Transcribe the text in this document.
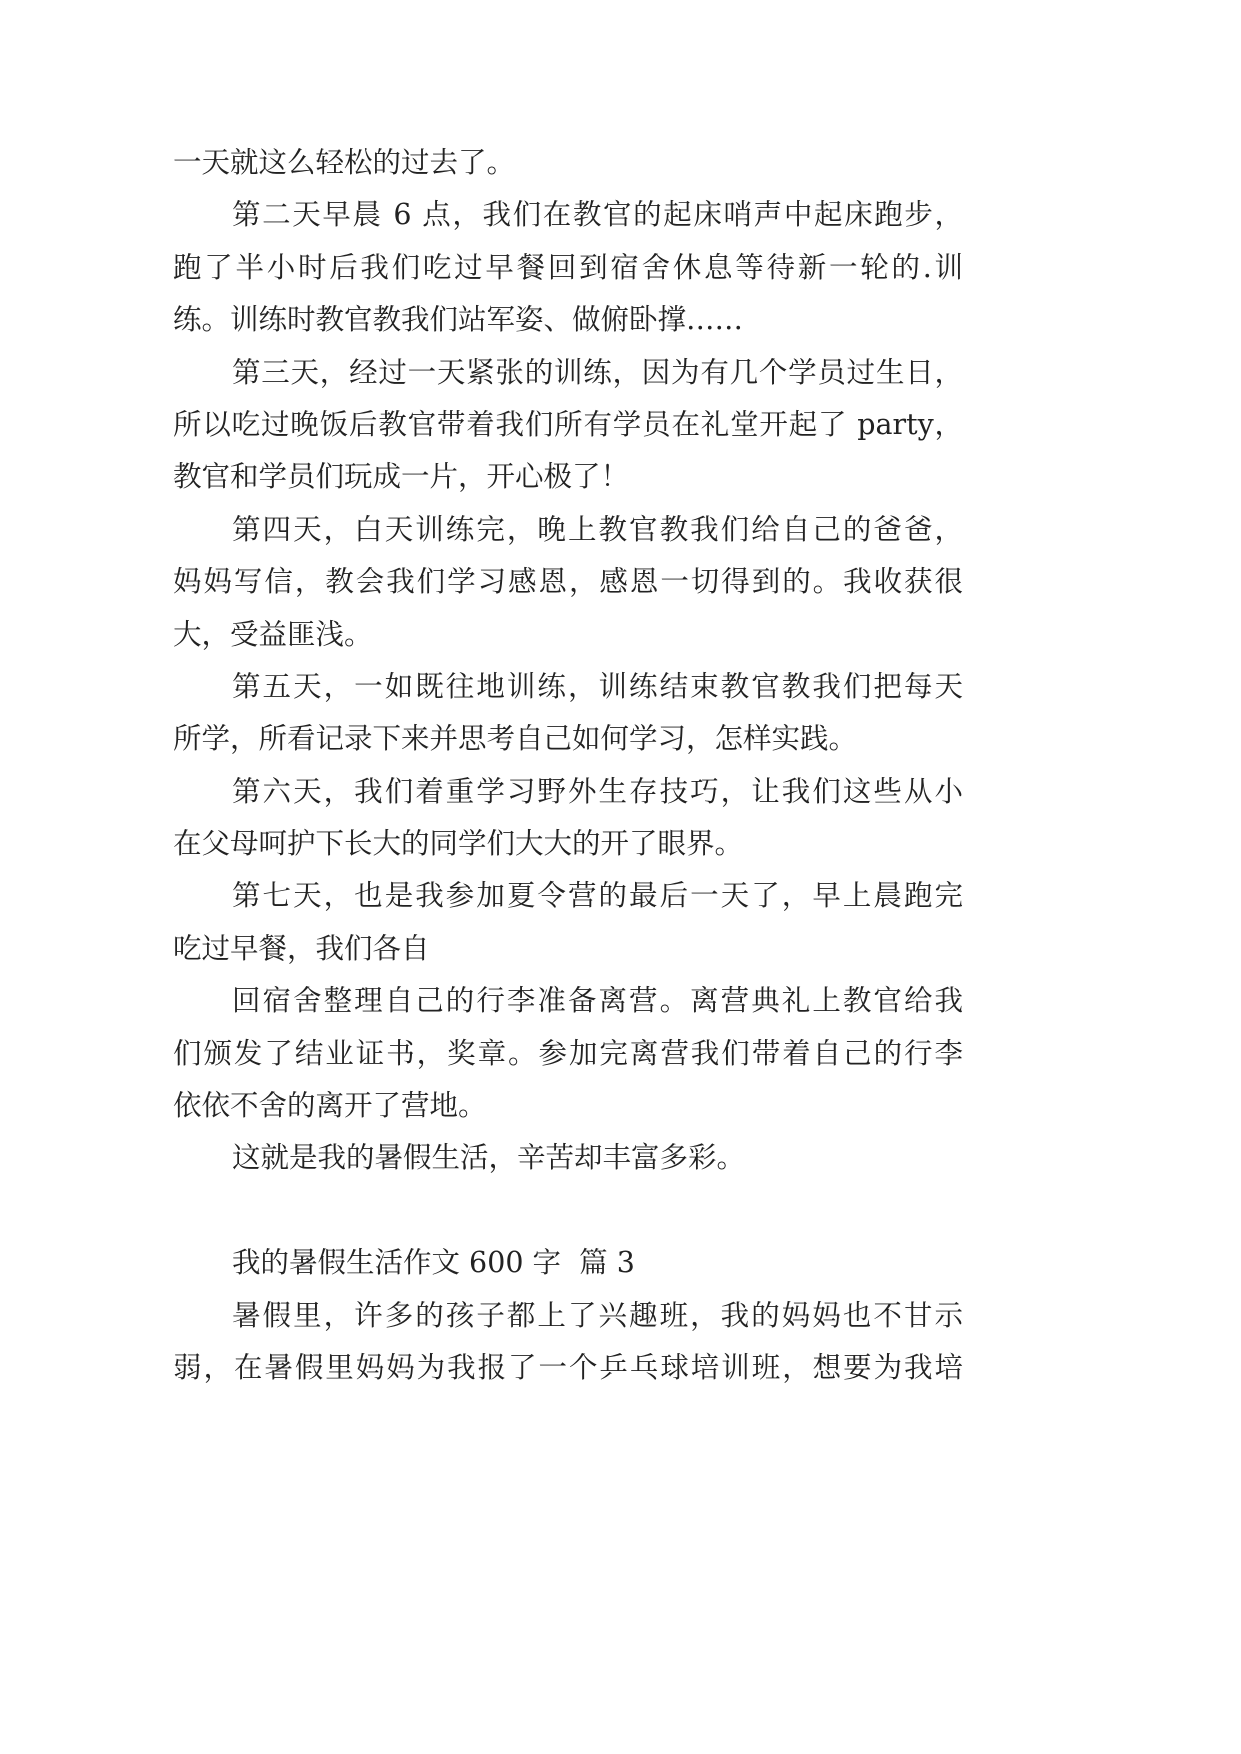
一天就这么轻松的过去了。
第二天早晨 6 点，我们在教官的起床哨声中起床跑步，
跑了半小时后我们吃过早餐回到宿舍休息等待新一轮的.训
练。训练时教官教我们站军姿、做俯卧撑……
第三天，经过一天紧张的训练，因为有几个学员过生日，
所以吃过晚饭后教官带着我们所有学员在礼堂开起了 party，
教官和学员们玩成一片，开心极了！
第四天，白天训练完，晚上教官教我们给自己的爸爸，
妈妈写信，教会我们学习感恩，感恩一切得到的。我收获很
大，受益匪浅。
第五天，一如既往地训练，训练结束教官教我们把每天
所学，所看记录下来并思考自己如何学习，怎样实践。
第六天，我们着重学习野外生存技巧，让我们这些从小
在父母呵护下长大的同学们大大的开了眼界。
第七天，也是我参加夏令营的最后一天了，早上晨跑完
吃过早餐，我们各自
回宿舍整理自己的行李准备离营。离营典礼上教官给我
们颁发了结业证书，奖章。参加完离营我们带着自己的行李
依依不舍的离开了营地。
这就是我的暑假生活，辛苦却丰富多彩。
我的暑假生活作文 600 字  篇 3
暑假里，许多的孩子都上了兴趣班，我的妈妈也不甘示
弱，在暑假里妈妈为我报了一个乒乓球培训班，想要为我培
